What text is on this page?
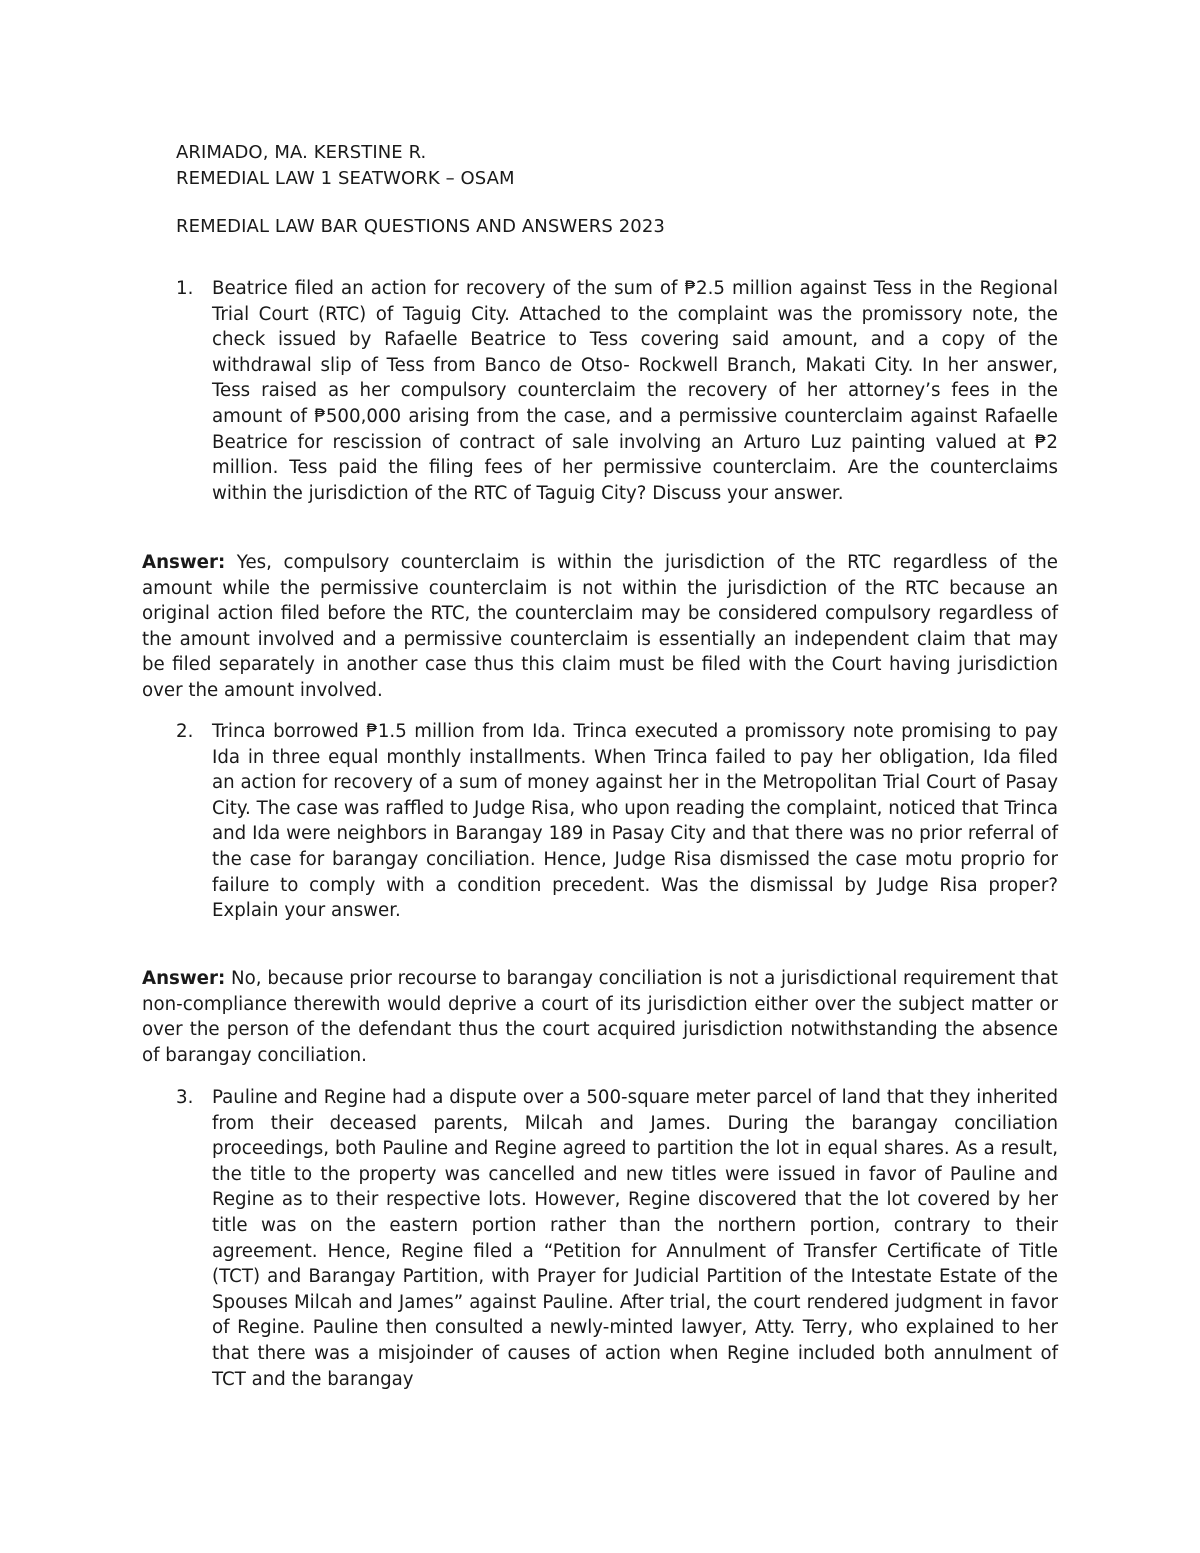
ARIMADO, MA. KERSTINE R.
REMEDIAL LAW 1 SEATWORK – OSAM
REMEDIAL LAW BAR QUESTIONS AND ANSWERS 2023
1. Beatrice filed an action for recovery of the sum of ₱2.5 million against Tess in the Regional Trial Court (RTC) of Taguig City. Attached to the complaint was the promissory note, the check issued by Rafaelle Beatrice to Tess covering said amount, and a copy of the withdrawal slip of Tess from Banco de Otso- Rockwell Branch, Makati City. In her answer, Tess raised as her compulsory counterclaim the recovery of her attorney’s fees in the amount of ₱500,000 arising from the case, and a permissive counterclaim against Rafaelle Beatrice for rescission of contract of sale involving an Arturo Luz painting valued at ₱2 million. Tess paid the filing fees of her permissive counterclaim. Are the counterclaims within the jurisdiction of the RTC of Taguig City? Discuss your answer.
Answer: Yes, compulsory counterclaim is within the jurisdiction of the RTC regardless of the amount while the permissive counterclaim is not within the jurisdiction of the RTC because an original action filed before the RTC, the counterclaim may be considered compulsory regardless of the amount involved and a permissive counterclaim is essentially an independent claim that may be filed separately in another case thus this claim must be filed with the Court having jurisdiction over the amount involved.
2. Trinca borrowed ₱1.5 million from Ida. Trinca executed a promissory note promising to pay Ida in three equal monthly installments. When Trinca failed to pay her obligation, Ida filed an action for recovery of a sum of money against her in the Metropolitan Trial Court of Pasay City. The case was raffled to Judge Risa, who upon reading the complaint, noticed that Trinca and Ida were neighbors in Barangay 189 in Pasay City and that there was no prior referral of the case for barangay conciliation. Hence, Judge Risa dismissed the case motu proprio for failure to comply with a condition precedent. Was the dismissal by Judge Risa proper? Explain your answer.
Answer: No, because prior recourse to barangay conciliation is not a jurisdictional requirement that non-compliance therewith would deprive a court of its jurisdiction either over the subject matter or over the person of the defendant thus the court acquired jurisdiction notwithstanding the absence of barangay conciliation.
3. Pauline and Regine had a dispute over a 500-square meter parcel of land that they inherited from their deceased parents, Milcah and James. During the barangay conciliation proceedings, both Pauline and Regine agreed to partition the lot in equal shares. As a result, the title to the property was cancelled and new titles were issued in favor of Pauline and Regine as to their respective lots. However, Regine discovered that the lot covered by her title was on the eastern portion rather than the northern portion, contrary to their agreement. Hence, Regine filed a “Petition for Annulment of Transfer Certificate of Title (TCT) and Barangay Partition, with Prayer for Judicial Partition of the Intestate Estate of the Spouses Milcah and James” against Pauline. After trial, the court rendered judgment in favor of Regine. Pauline then consulted a newly-minted lawyer, Atty. Terry, who explained to her that there was a misjoinder of causes of action when Regine included both annulment of TCT and the barangay
